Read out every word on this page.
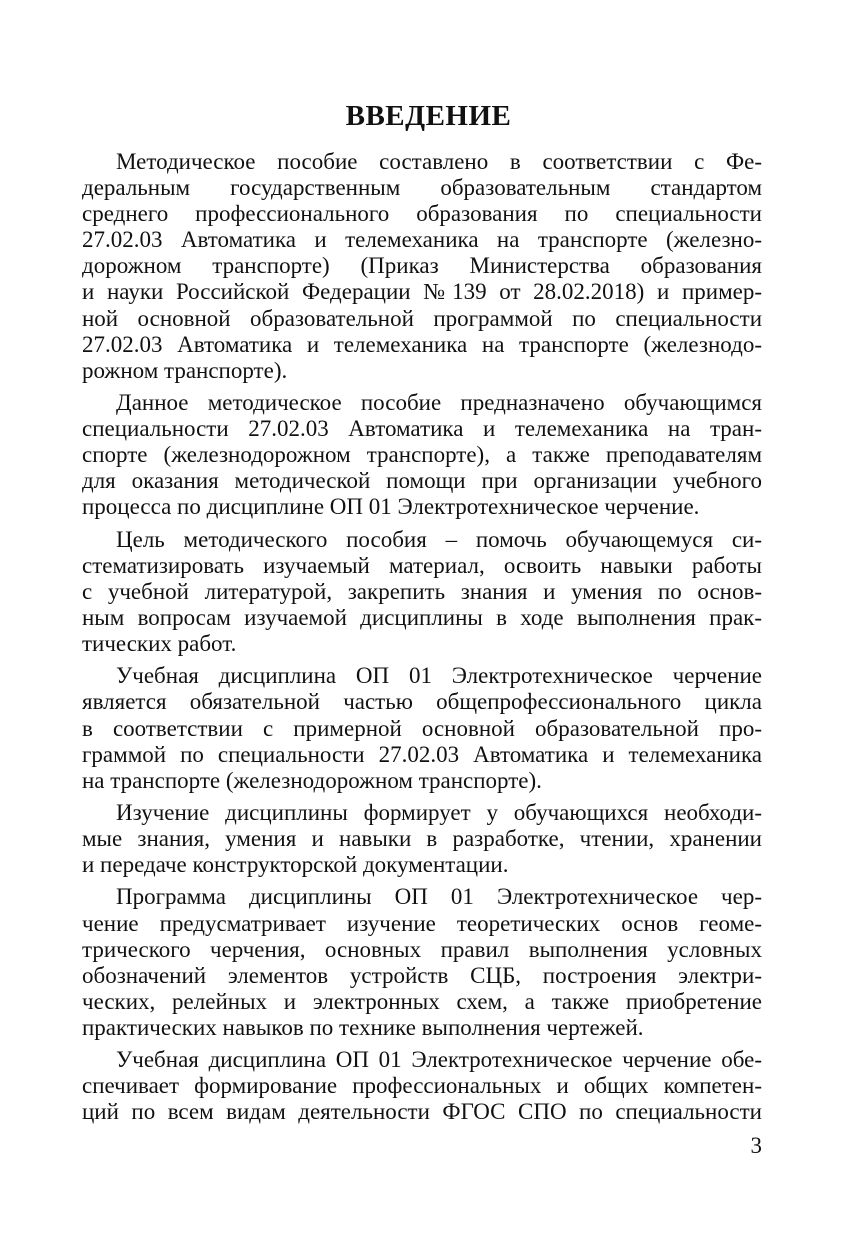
ВВЕДЕНИЕ
Методическое пособие составлено в соответствии с Фе-
деральным государственным образовательным стандартом
среднего профессионального образования по специальности
27.02.03 Автоматика и телемеханика на транспорте (железно-
дорожном транспорте) (Приказ Министерства образования
и науки Российской Федерации №139 от 28.02.2018) и пример-
ной основной образовательной программой по специальности
27.02.03 Автоматика и телемеханика на транспорте (железнодо-
рожном транспорте).
Данное методическое пособие предназначено обучающимся
специальности 27.02.03 Автоматика и телемеханика на тран-
спорте (железнодорожном транспорте), а также преподавателям
для оказания методической помощи при организации учебного
процесса по дисциплине ОП 01 Электротехническое черчение.
Цель методического пособия – помочь обучающемуся си-
стематизировать изучаемый материал, освоить навыки работы
с учебной литературой, закрепить знания и умения по основ-
ным вопросам изучаемой дисциплины в ходе выполнения прак-
тических работ.
Учебная дисциплина ОП 01 Электротехническое черчение
является обязательной частью общепрофессионального цикла
в соответствии с примерной основной образовательной про-
граммой по специальности 27.02.03 Автоматика и телемеханика
на транспорте (железнодорожном транспорте).
Изучение дисциплины формирует у обучающихся необходи-
мые знания, умения и навыки в разработке, чтении, хранении
и передаче конструкторской документации.
Программа дисциплины ОП 01 Электротехническое чер-
чение предусматривает изучение теоретических основ геоме-
трического черчения, основных правил выполнения условных
обозначений элементов устройств СЦБ, построения электри-
ческих, релейных и электронных схем, а также приобретение
практических навыков по технике выполнения чертежей.
Учебная дисциплина ОП 01 Электротехническое черчение обе-
спечивает формирование профессиональных и общих компетен-
ций по всем видам деятельности ФГОС СПО по специальности
3
